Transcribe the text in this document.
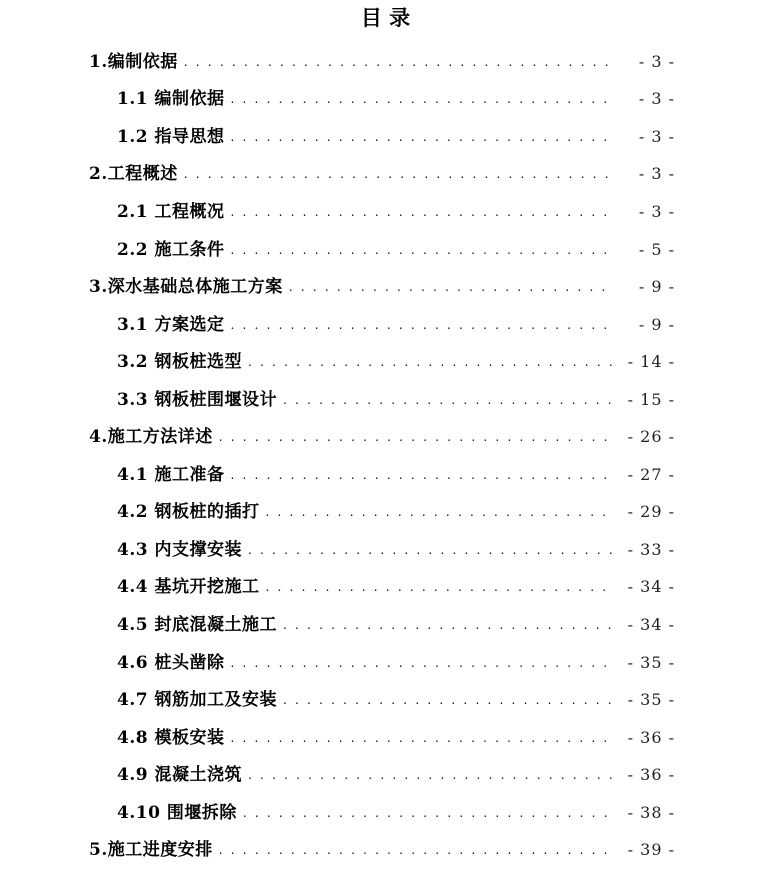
目 录
1.编制依据 . . .	- 3 -
1.1 编制依据 . . .	- 3 -
1.2 指导思想 . . .	- 3 -
2.工程概述 . . .	- 3 -
2.1 工程概况 . . .	- 3 -
2.2 施工条件 . . .	- 5 -
3.深水基础总体施工方案 . . .	- 9 -
3.1 方案选定 . . .	- 9 -
3.2 钢板桩选型 . . .	- 14 -
3.3 钢板桩围堰设计 . . .	- 15 -
4.施工方法详述 . . .	- 26 -
4.1 施工准备 . . .	- 27 -
4.2 钢板桩的插打 . . .	- 29 -
4.3 内支撑安装 . . .	- 33 -
4.4 基坑开挖施工 . . .	- 34 -
4.5 封底混凝土施工 . . .	- 34 -
4.6 桩头凿除 . . .	- 35 -
4.7 钢筋加工及安装 . . .	- 35 -
4.8 模板安装 . . .	- 36 -
4.9 混凝土浇筑 . . .	- 36 -
4.10 围堰拆除 . . .	- 38 -
5.施工进度安排 . . .	- 39 -
